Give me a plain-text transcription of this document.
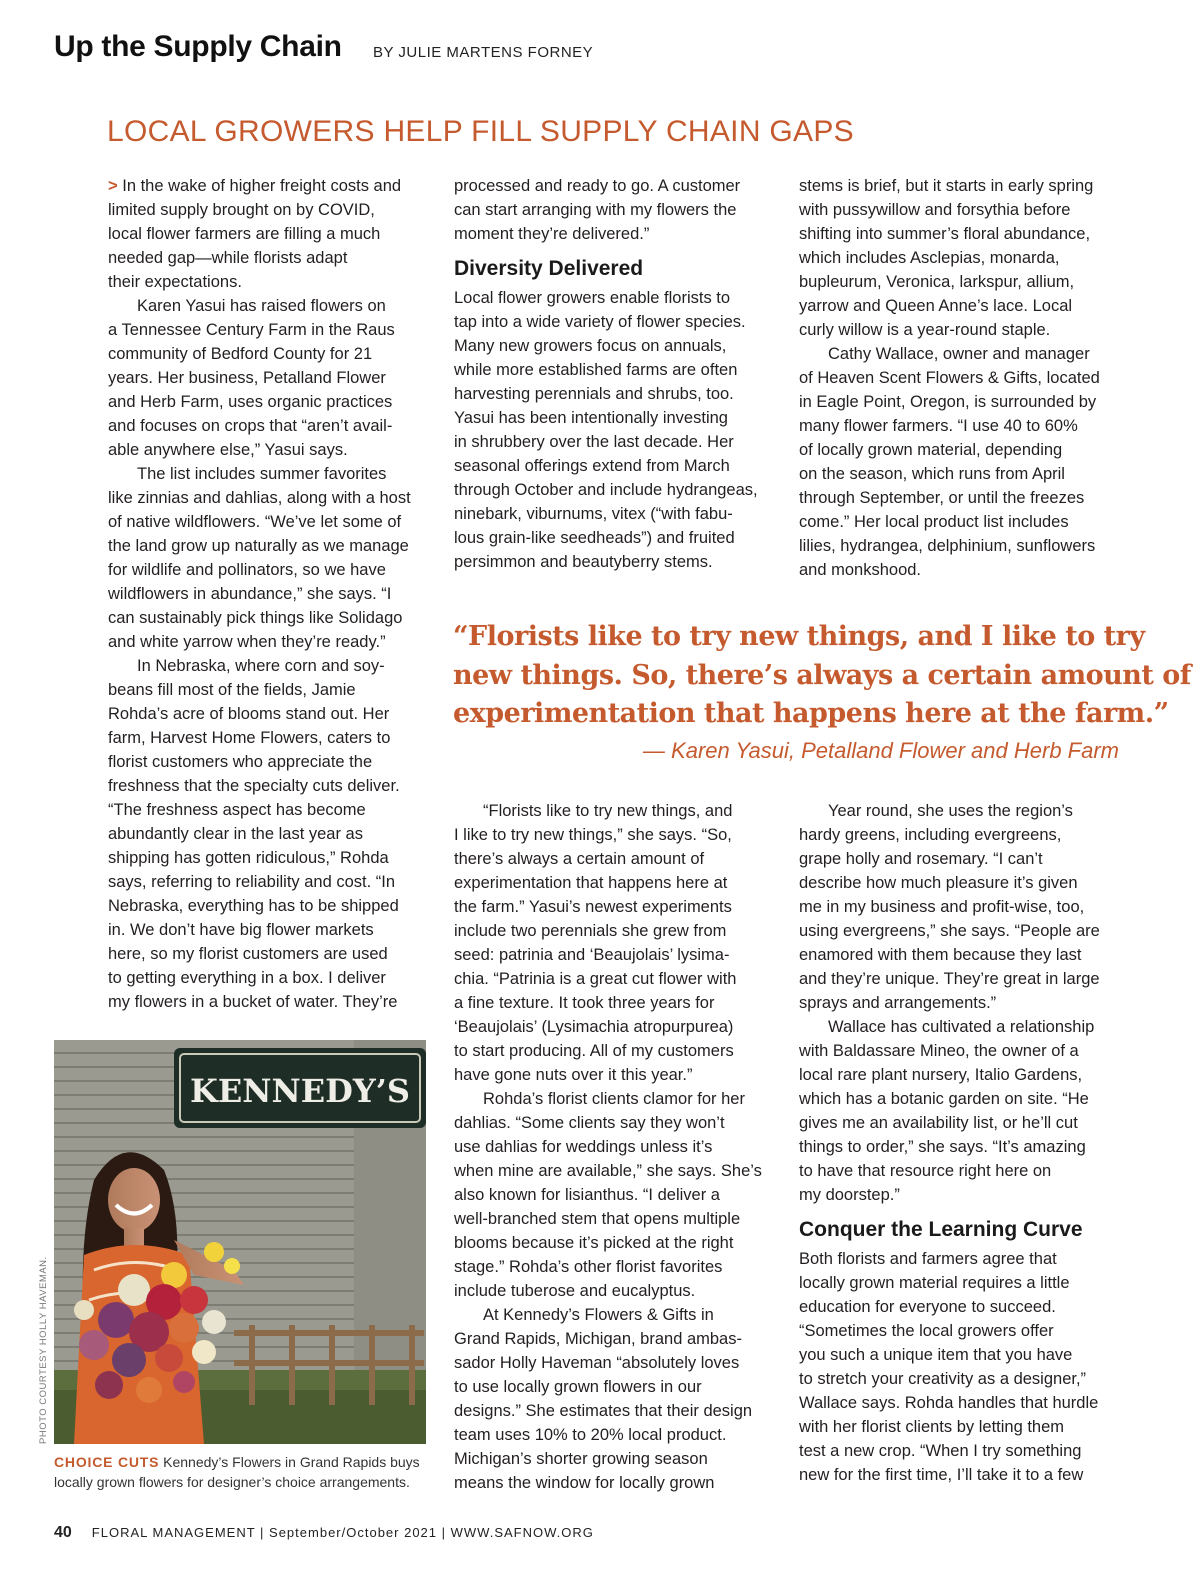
Up the Supply Chain BY JULIE MARTENS FORNEY
LOCAL GROWERS HELP FILL SUPPLY CHAIN GAPS
> In the wake of higher freight costs and
limited supply brought on by COVID,
local flower farmers are filling a much
needed gap—while florists adapt
their expectations.
Karen Yasui has raised flowers on
a Tennessee Century Farm in the Raus
community of Bedford County for 21
years. Her business, Petalland Flower
and Herb Farm, uses organic practices
and focuses on crops that “aren’t avail-
able anywhere else,” Yasui says.
The list includes summer favorites
like zinnias and dahlias, along with a host
of native wildflowers. “We’ve let some of
the land grow up naturally as we manage
for wildlife and pollinators, so we have
wildflowers in abundance,” she says. “I
can sustainably pick things like Solidago
and white yarrow when they’re ready.”
In Nebraska, where corn and soy-
beans fill most of the fields, Jamie
Rohda’s acre of blooms stand out. Her
farm, Harvest Home Flowers, caters to
florist customers who appreciate the
freshness that the specialty cuts deliver.
“The freshness aspect has become
abundantly clear in the last year as
shipping has gotten ridiculous,” Rohda
says, referring to reliability and cost. “In
Nebraska, everything has to be shipped
in. We don’t have big flower markets
here, so my florist customers are used
to getting everything in a box. I deliver
my flowers in a bucket of water. They’re
processed and ready to go. A customer
can start arranging with my flowers the
moment they’re delivered.”
Diversity Delivered
Local flower growers enable florists to
tap into a wide variety of flower species.
Many new growers focus on annuals,
while more established farms are often
harvesting perennials and shrubs, too.
Yasui has been intentionally investing
in shrubbery over the last decade. Her
seasonal offerings extend from March
through October and include hydrangeas,
ninebark, viburnums, vitex (“with fabu-
lous grain-like seedheads”) and fruited
persimmon and beautyberry stems.
stems is brief, but it starts in early spring
with pussywillow and forsythia before
shifting into summer’s floral abundance,
which includes Asclepias, monarda,
bupleurum, Veronica, larkspur, allium,
yarrow and Queen Anne’s lace. Local
curly willow is a year-round staple.
Cathy Wallace, owner and manager
of Heaven Scent Flowers & Gifts, located
in Eagle Point, Oregon, is surrounded by
many flower farmers. “I use 40 to 60%
of locally grown material, depending
on the season, which runs from April
through September, or until the freezes
come.” Her local product list includes
lilies, hydrangea, delphinium, sunflowers
and monkshood.
“Florists like to try new things, and I like to try
new things. So, there’s always a certain amount of
experimentation that happens here at the farm.”
— Karen Yasui, Petalland Flower and Herb Farm
“Florists like to try new things, and
I like to try new things,” she says. “So,
there’s always a certain amount of
experimentation that happens here at
the farm.” Yasui’s newest experiments
include two perennials she grew from
seed: patrinia and ‘Beaujolais’ lysima-
chia. “Patrinia is a great cut flower with
a fine texture. It took three years for
‘Beaujolais’ (Lysimachia atropurpurea)
to start producing. All of my customers
have gone nuts over it this year.”
Rohda’s florist clients clamor for her
dahlias. “Some clients say they won’t
use dahlias for weddings unless it’s
when mine are available,” she says. She’s
also known for lisianthus. “I deliver a
well-branched stem that opens multiple
blooms because it’s picked at the right
stage.” Rohda’s other florist favorites
include tuberose and eucalyptus.
At Kennedy’s Flowers & Gifts in
Grand Rapids, Michigan, brand ambas-
sador Holly Haveman “absolutely loves
to use locally grown flowers in our
designs.” She estimates that their design
team uses 10% to 20% local product.
Michigan’s shorter growing season
means the window for locally grown
Year round, she uses the region’s
hardy greens, including evergreens,
grape holly and rosemary. “I can’t
describe how much pleasure it’s given
me in my business and profit-wise, too,
using evergreens,” she says. “People are
enamored with them because they last
and they’re unique. They’re great in large
sprays and arrangements.”
Wallace has cultivated a relationship
with Baldassare Mineo, the owner of a
local rare plant nursery, Italio Gardens,
which has a botanic garden on site. “He
gives me an availability list, or he’ll cut
things to order,” she says. “It’s amazing
to have that resource right here on
my doorstep.”
Conquer the Learning Curve
Both florists and farmers agree that
locally grown material requires a little
education for everyone to succeed.
“Sometimes the local growers offer
you such a unique item that you have
to stretch your creativity as a designer,”
Wallace says. Rohda handles that hurdle
with her florist clients by letting them
test a new crop. “When I try something
new for the first time, I’ll take it to a few
KENNEDY’S
PHOTO COURTESY HOLLY HAVEMAN.
CHOICE CUTS Kennedy’s Flowers in Grand Rapids buys
locally grown flowers for designer’s choice arrangements.
40 FLORAL MANAGEMENT | September/October 2021 | WWW.SAFNOW.ORG
